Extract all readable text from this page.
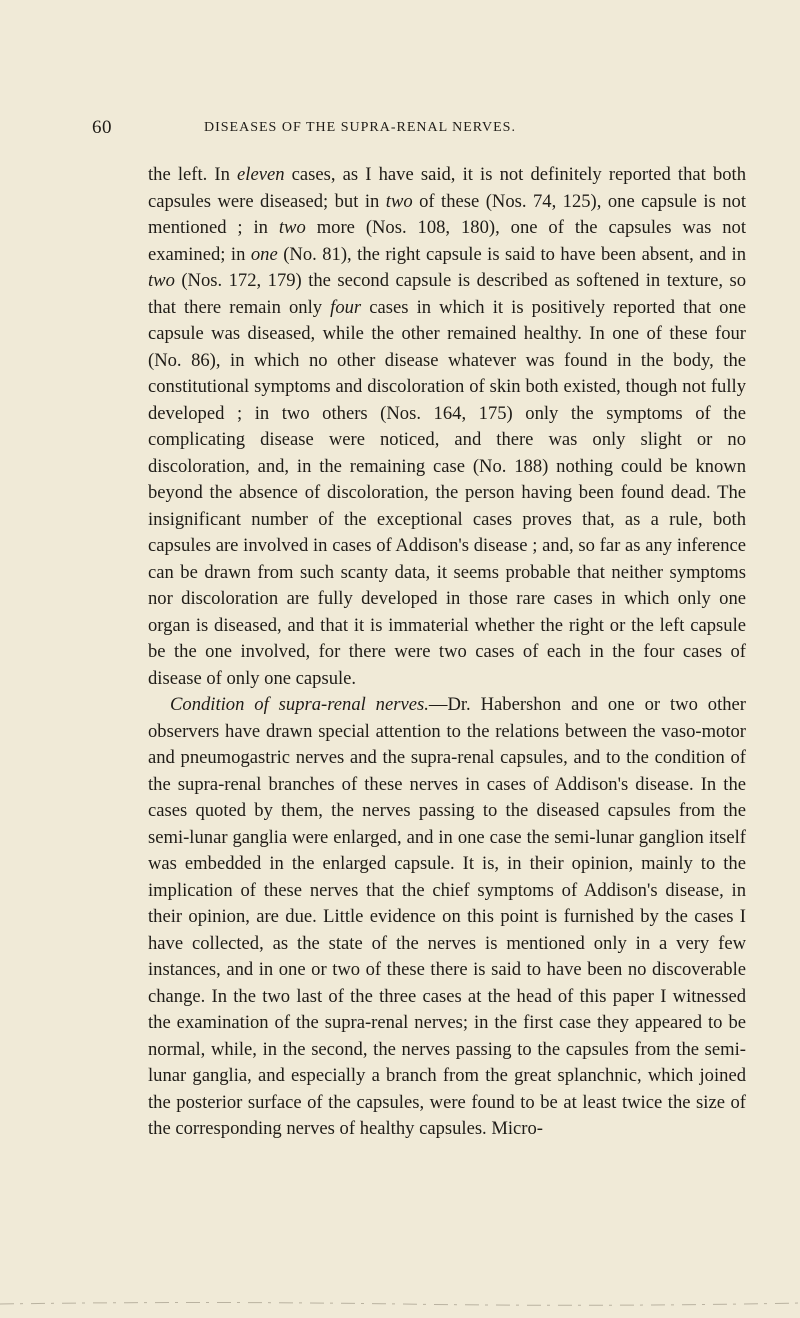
60	DISEASES OF THE SUPRA-RENAL NERVES.

the left. In eleven cases, as I have said, it is not definitely reported that both capsules were diseased; but in two of these (Nos. 74, 125), one capsule is not mentioned ; in two more (Nos. 108, 180), one of the capsules was not examined; in one (No. 81), the right capsule is said to have been absent, and in two (Nos. 172, 179) the second capsule is described as softened in texture, so that there remain only four cases in which it is positively reported that one capsule was diseased, while the other remained healthy. In one of these four (No. 86), in which no other disease whatever was found in the body, the constitutional symptoms and discoloration of skin both existed, though not fully developed ; in two others (Nos. 164, 175) only the symptoms of the complicating disease were noticed, and there was only slight or no discoloration, and, in the remaining case (No. 188) nothing could be known beyond the absence of discoloration, the person having been found dead. The insignificant number of the exceptional cases proves that, as a rule, both capsules are involved in cases of Addison's disease ; and, so far as any inference can be drawn from such scanty data, it seems probable that neither symptoms nor discoloration are fully developed in those rare cases in which only one organ is diseased, and that it is immaterial whether the right or the left capsule be the one involved, for there were two cases of each in the four cases of disease of only one capsule.

Condition of supra-renal nerves.—Dr. Habershon and one or two other observers have drawn special attention to the relations between the vaso-motor and pneumogastric nerves and the supra-renal capsules, and to the condition of the supra-renal branches of these nerves in cases of Addison's disease. In the cases quoted by them, the nerves passing to the diseased capsules from the semi-lunar ganglia were enlarged, and in one case the semi-lunar ganglion itself was embedded in the enlarged capsule. It is, in their opinion, mainly to the implication of these nerves that the chief symptoms of Addison's disease, in their opinion, are due. Little evidence on this point is furnished by the cases I have collected, as the state of the nerves is mentioned only in a very few instances, and in one or two of these there is said to have been no discoverable change. In the two last of the three cases at the head of this paper I witnessed the examination of the supra-renal nerves; in the first case they appeared to be normal, while, in the second, the nerves passing to the capsules from the semi-lunar ganglia, and especially a branch from the great splanchnic, which joined the posterior surface of the capsules, were found to be at least twice the size of the corresponding nerves of healthy capsules. Micro-
